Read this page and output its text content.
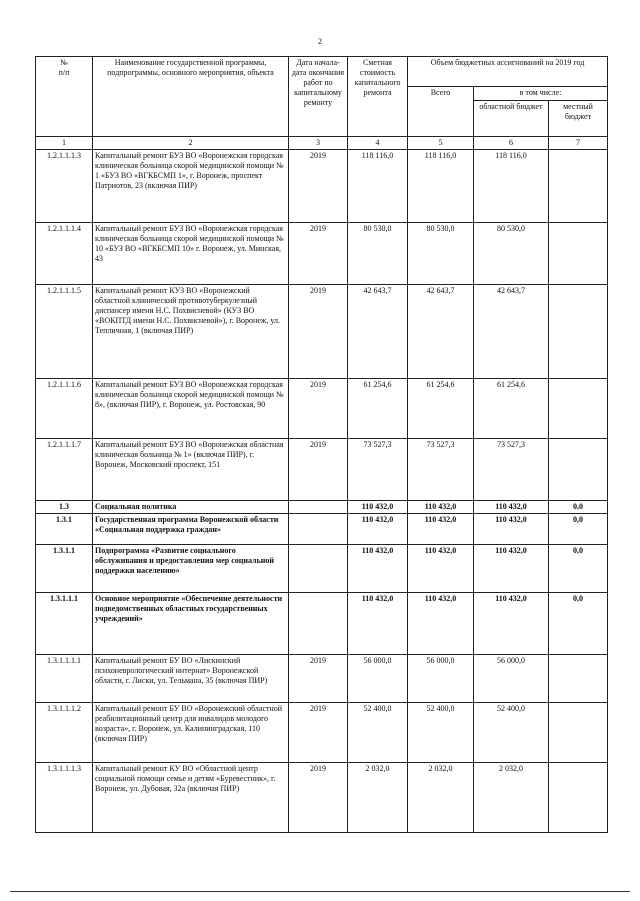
2
№
п/п	Наименование государственной программы, подпрограммы, основного мероприятия, объекта	Дата начала-дата окончания работ по капитальному ремонту	Сметная стоимость капитального ремонта	Объем бюджетных ассигнований на 2019 год		
				Всего	в том числе:	
					областной бюджет	местный бюджет
1	2	3	4	5	6	7
1.2.1.1.1.3	Капитальный ремонт БУЗ ВО «Воронежская городская клиническая больница скорой медицинской помощи № 1 «БУЗ ВО «ВГКБСМП 1», г. Воронеж, проспект Патриотов, 23 (включая ПИР)	2019	118 116,0	118 116,0	118 116,0	
1.2.1.1.1.4	Капитальный ремонт БУЗ ВО «Воронежская городская клиническая больница скорой медицинской помощи № 10 «БУЗ ВО «ВГКБСМП 10» г. Воронеж, ул. Минская, 43	2019	80 530,0	80 530,0	80 530,0	
1.2.1.1.1.5	Капитальный ремонт КУЗ ВО «Воронежский областной клинический противотуберкулезный диспансер имени Н.С. Похвисневой» (КУЗ ВО «ВОКПТД имени Н.С. Похвисневой»), г. Воронеж, ул. Тепличная, 1 (включая ПИР)	2019	42 643,7	42 643,7	42 643,7	
1.2.1.1.1.6	Капитальный ремонт БУЗ ВО «Воронежская городская клиническая больница скорой медицинской помощи № 8», (включая ПИР), г. Воронеж, ул. Ростовская, 90	2019	61 254,6	61 254,6	61 254,6	
1.2.1.1.1.7	Капитальный ремонт БУЗ ВО «Воронежская областная клиническая больница № 1» (включая ПИР), г. Воронеж, Московский проспект, 151	2019	73 527,3	73 527,3	73 527,3	
1.3	Социальная политика		110 432,0	110 432,0	110 432,0	0,0
1.3.1	Государственная программа Воронежской области «Социальная поддержка граждан»		110 432,0	110 432,0	110 432,0	0,0
1.3.1.1	Подпрограмма «Развитие социального обслуживания и предоставления мер социальной поддержки населению»		110 432,0	110 432,0	110 432,0	0,0
1.3.1.1.1	Основное мероприятие «Обеспечение деятельности подведомственных областных государственных учреждений»		110 432,0	110 432,0	110 432,0	0,0
1.3.1.1.1.1	Капитальный ремонт БУ ВО «Лискинский психоневрологический интернат» Воронежской области, г. Лиски, ул. Тельмана, 35 (включая ПИР)	2019	56 000,0	56 000,0	56 000,0	
1.3.1.1.1.2	Капитальный ремонт БУ ВО «Воронежский областной реабилитационный центр для инвалидов молодого возраста», г. Воронеж, ул. Калининградская, 110 (включая ПИР)	2019	52 400,0	52 400,0	52 400,0	
1.3.1.1.1.3	Капитальный ремонт КУ ВО «Областной центр социальной помощи семье и детям «Буревестник», г. Воронеж, ул. Дубовая, 32а (включая ПИР)	2019	2 032,0	2 032,0	2 032,0	
